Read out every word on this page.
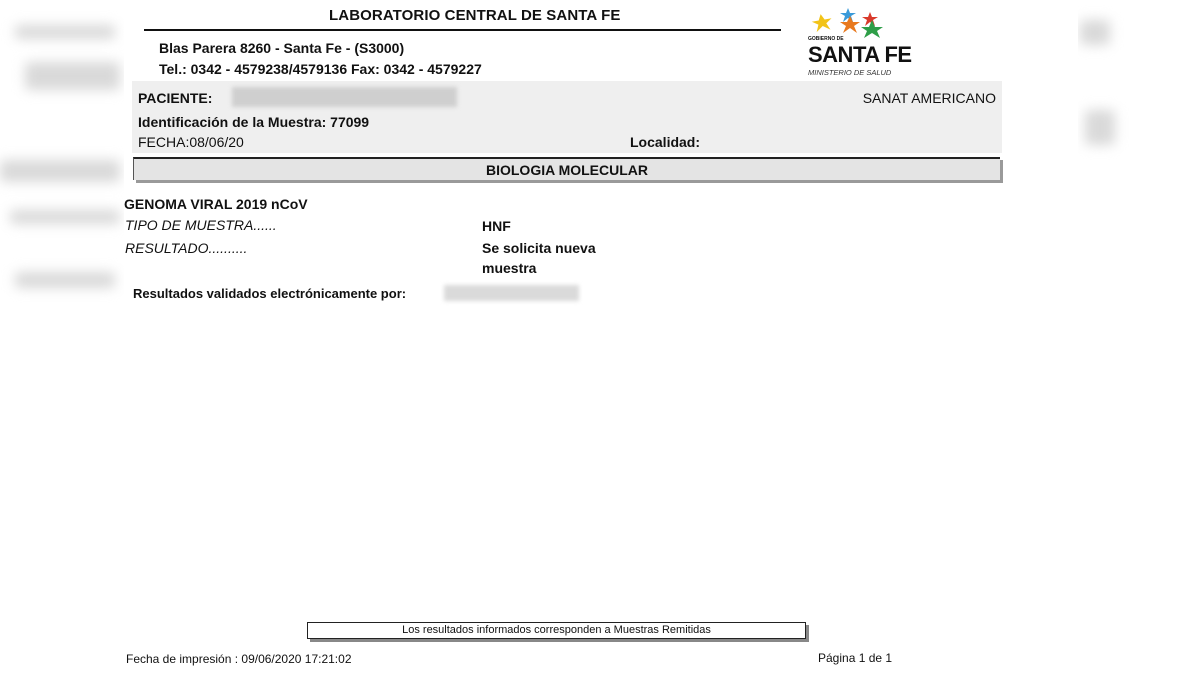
LABORATORIO CENTRAL DE SANTA FE
Blas Parera 8260 - Santa Fe - (S3000)
Tel.: 0342 - 4579238/4579136 Fax: 0342 - 4579227
GOBIERNO DE
SANTA FE
MINISTERIO DE SALUD
PACIENTE:	SANAT AMERICANO
Identificación de la Muestra: 77099
FECHA:08/06/20	Localidad:
BIOLOGIA MOLECULAR
GENOMA VIRAL 2019 nCoV
TIPO DE MUESTRA......	HNF
RESULTADO..........	Se solicita nueva muestra
Resultados validados electrónicamente por:
Los resultados informados corresponden a Muestras Remitidas
Fecha de impresión : 09/06/2020 17:21:02	Página 1 de 1
